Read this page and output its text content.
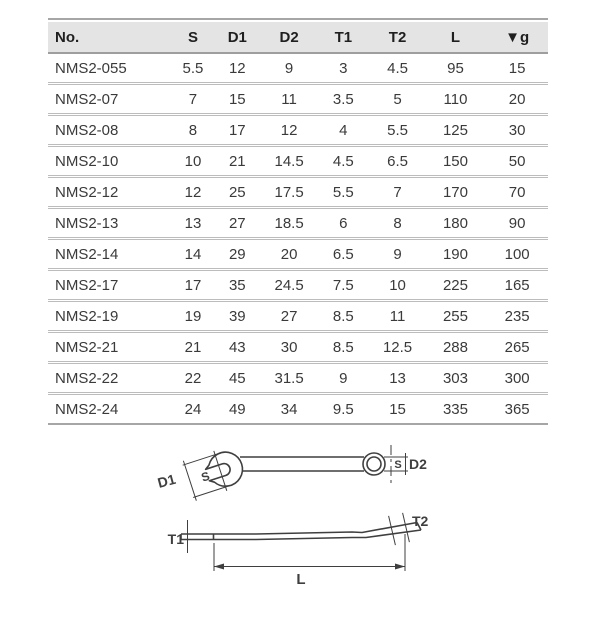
No.	S	D1	D2	T1	T2	L	▼g
NMS2-055	5.5	12	9	3	4.5	95	15
NMS2-07	7	15	11	3.5	5	110	20
NMS2-08	8	17	12	4	5.5	125	30
NMS2-10	10	21	14.5	4.5	6.5	150	50
NMS2-12	12	25	17.5	5.5	7	170	70
NMS2-13	13	27	18.5	6	8	180	90
NMS2-14	14	29	20	6.5	9	190	100
NMS2-17	17	35	24.5	7.5	10	225	165
NMS2-19	19	39	27	8.5	11	255	235
NMS2-21	21	43	30	8.5	12.5	288	265
NMS2-22	22	45	31.5	9	13	303	300
NMS2-24	24	49	34	9.5	15	335	365
S
D1
S D2
T1
T2
L
